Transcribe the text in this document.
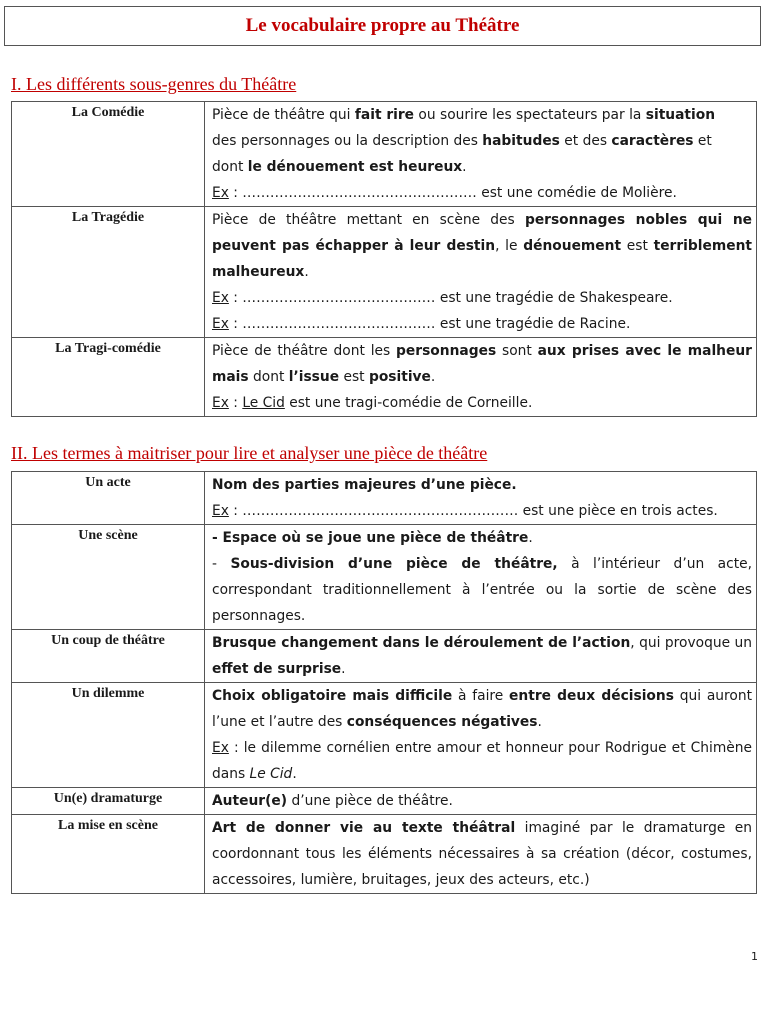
Le vocabulaire propre au Théâtre
I. Les différents sous-genres du Théâtre
La Comédie	Pièce de théâtre qui fait rire ou sourire les spectateurs par la situation

des personnages ou la description des habitudes et des caractères et

dont le dénouement est heureux.

Ex : …………………………………………… est une comédie de Molière.

La Tragédie	Pièce de théâtre mettant en scène des personnages nobles qui ne peuvent pas échapper à leur destin, le dénouement est terriblement malheureux.

Ex : …………………………………… est une tragédie de Shakespeare.

Ex : …………………………………… est une tragédie de Racine.

La Tragi-comédie	Pièce de théâtre dont les personnages sont aux prises avec le malheur mais dont l’issue est positive.

Ex : Le Cid est une tragi-comédie de Corneille.

II. Les termes à maitriser pour lire et analyser une pièce de théâtre
Un acte	Nom des parties majeures d’une pièce.

Ex : …………………………………………………… est une pièce en trois actes.

Une scène	- Espace où se joue une pièce de théâtre.

- Sous-division d’une pièce de théâtre, à l’intérieur d’un acte, correspondant traditionnellement à l’entrée ou la sortie de scène des personnages.

Un coup de théâtre	Brusque changement dans le déroulement de l’action, qui provoque un effet de surprise.

Un dilemme	Choix obligatoire mais difficile à faire entre deux décisions qui auront l’une et l’autre des conséquences négatives.

Ex : le dilemme cornélien entre amour et honneur pour Rodrigue et Chimène dans Le Cid.

Un(e) dramaturge	Auteur(e) d’une pièce de théâtre.

La mise en scène	Art de donner vie au texte théâtral imaginé par le dramaturge en coordonnant tous les éléments nécessaires à sa création (décor, costumes, accessoires, lumière, bruitages, jeux des acteurs, etc.)

1
